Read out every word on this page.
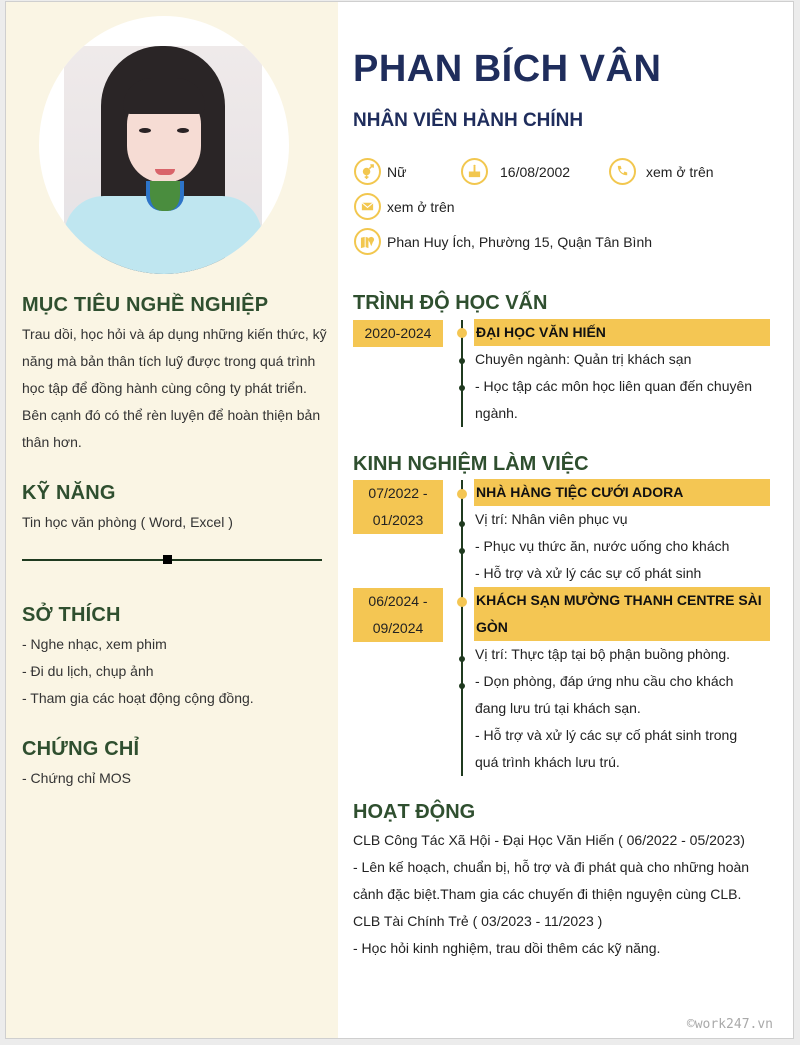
MỤC TIÊU NGHỀ NGHIỆP
Trau dồi, học hỏi và áp dụng những kiến thức, kỹ
năng mà bản thân tích luỹ được trong quá trình
học tập để đồng hành cùng công ty phát triển.
Bên cạnh đó có thể rèn luyện để hoàn thiện bản
thân hơn.
KỸ NĂNG
Tin học văn phòng ( Word, Excel )
SỞ THÍCH
- Nghe nhạc, xem phim
- Đi du lịch, chụp ảnh
- Tham gia các hoạt động cộng đồng.
CHỨNG CHỈ
- Chứng chỉ MOS
PHAN BÍCH VÂN
NHÂN VIÊN HÀNH CHÍNH
Nữ	16/08/2002	xem ở trên
xem ở trên
Phan Huy Ích, Phường 15, Quận Tân Bình
TRÌNH ĐỘ HỌC VẤN
2020-2024	ĐẠI HỌC VĂN HIẾN
Chuyên ngành: Quản trị khách sạn
- Học tập các môn học liên quan đến chuyên
ngành.
KINH NGHIỆM LÀM VIỆC
07/2022 -
01/2023
NHÀ HÀNG TIỆC CƯỚI ADORA
Vị trí: Nhân viên phục vụ
- Phục vụ thức ăn, nước uống cho khách
- Hỗ trợ và xử lý các sự cố phát sinh
06/2024 -
09/2024
KHÁCH SẠN MƯỜNG THANH CENTRE SÀI
GÒN
Vị trí: Thực tập tại bộ phận buồng phòng.
- Dọn phòng, đáp ứng nhu cầu cho khách
đang lưu trú tại khách sạn.
- Hỗ trợ và xử lý các sự cố phát sinh trong
quá trình khách lưu trú.
HOẠT ĐỘNG
CLB Công Tác Xã Hội - Đại Học Văn Hiến ( 06/2022 - 05/2023)
- Lên kế hoạch, chuẩn bị, hỗ trợ và đi phát quà cho những hoàn
cảnh đặc biệt.Tham gia các chuyến đi thiện nguyện cùng CLB.
CLB Tài Chính Trẻ ( 03/2023 - 11/2023 )
- Học hỏi kinh nghiệm, trau dồi thêm các kỹ năng.
©work247.vn
